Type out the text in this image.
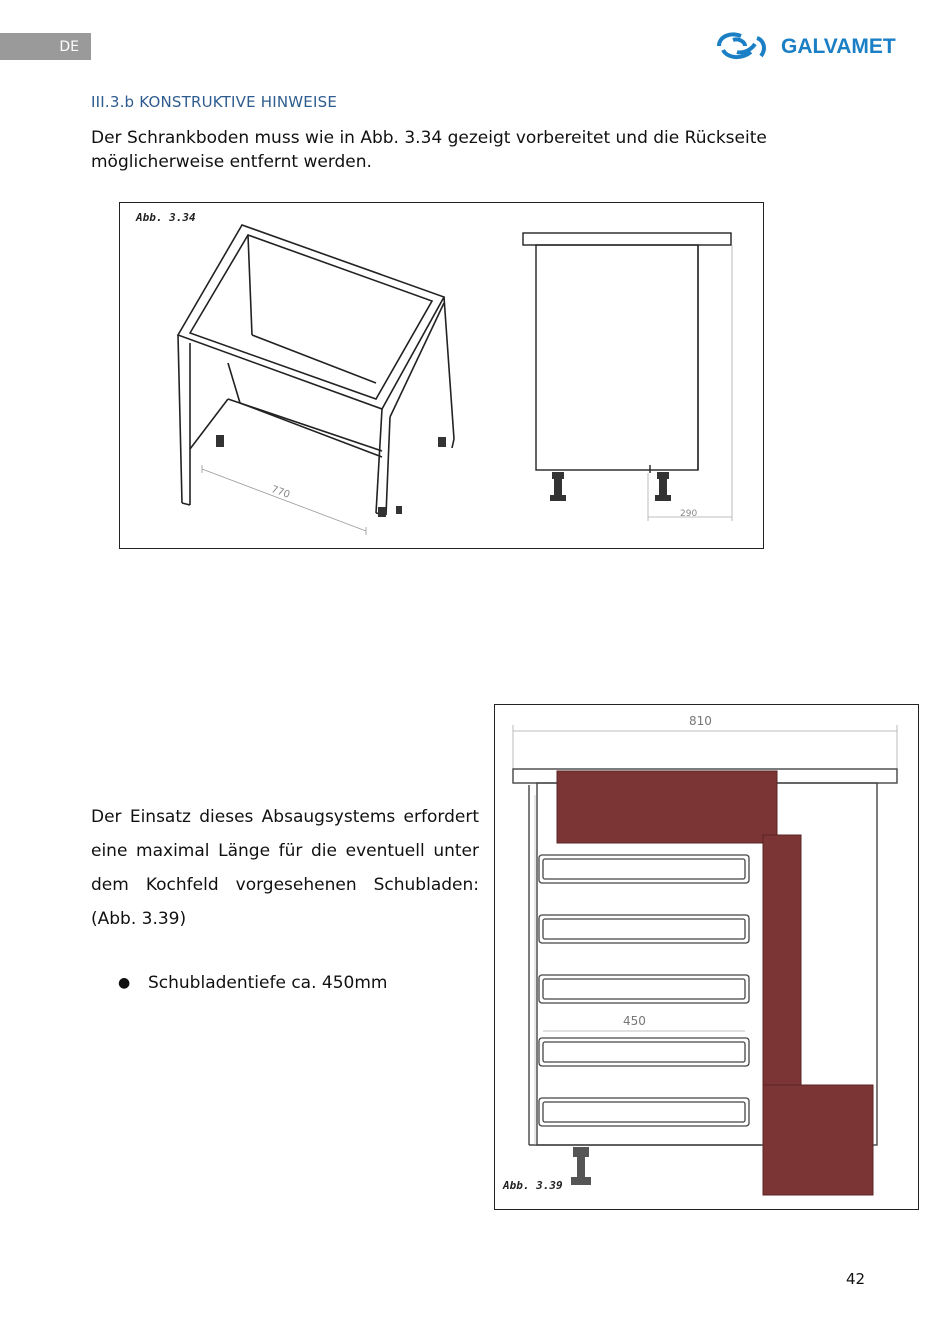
DE	GALVAMET
III.3.b KONSTRUKTIVE HINWEISE
Der Schrankboden muss wie in Abb. 3.34 gezeigt vorbereitet und die Rückseite möglicherweise entfernt werden.
Abb. 3.34
770
290
Der Einsatz dieses Absaugsystems erfordert eine maximal Länge für die eventuell unter dem Kochfeld vorgesehenen Schubladen: (Abb. 3.39)
●	Schubladentiefe ca. 450mm
810
450
Abb. 3.39
42
